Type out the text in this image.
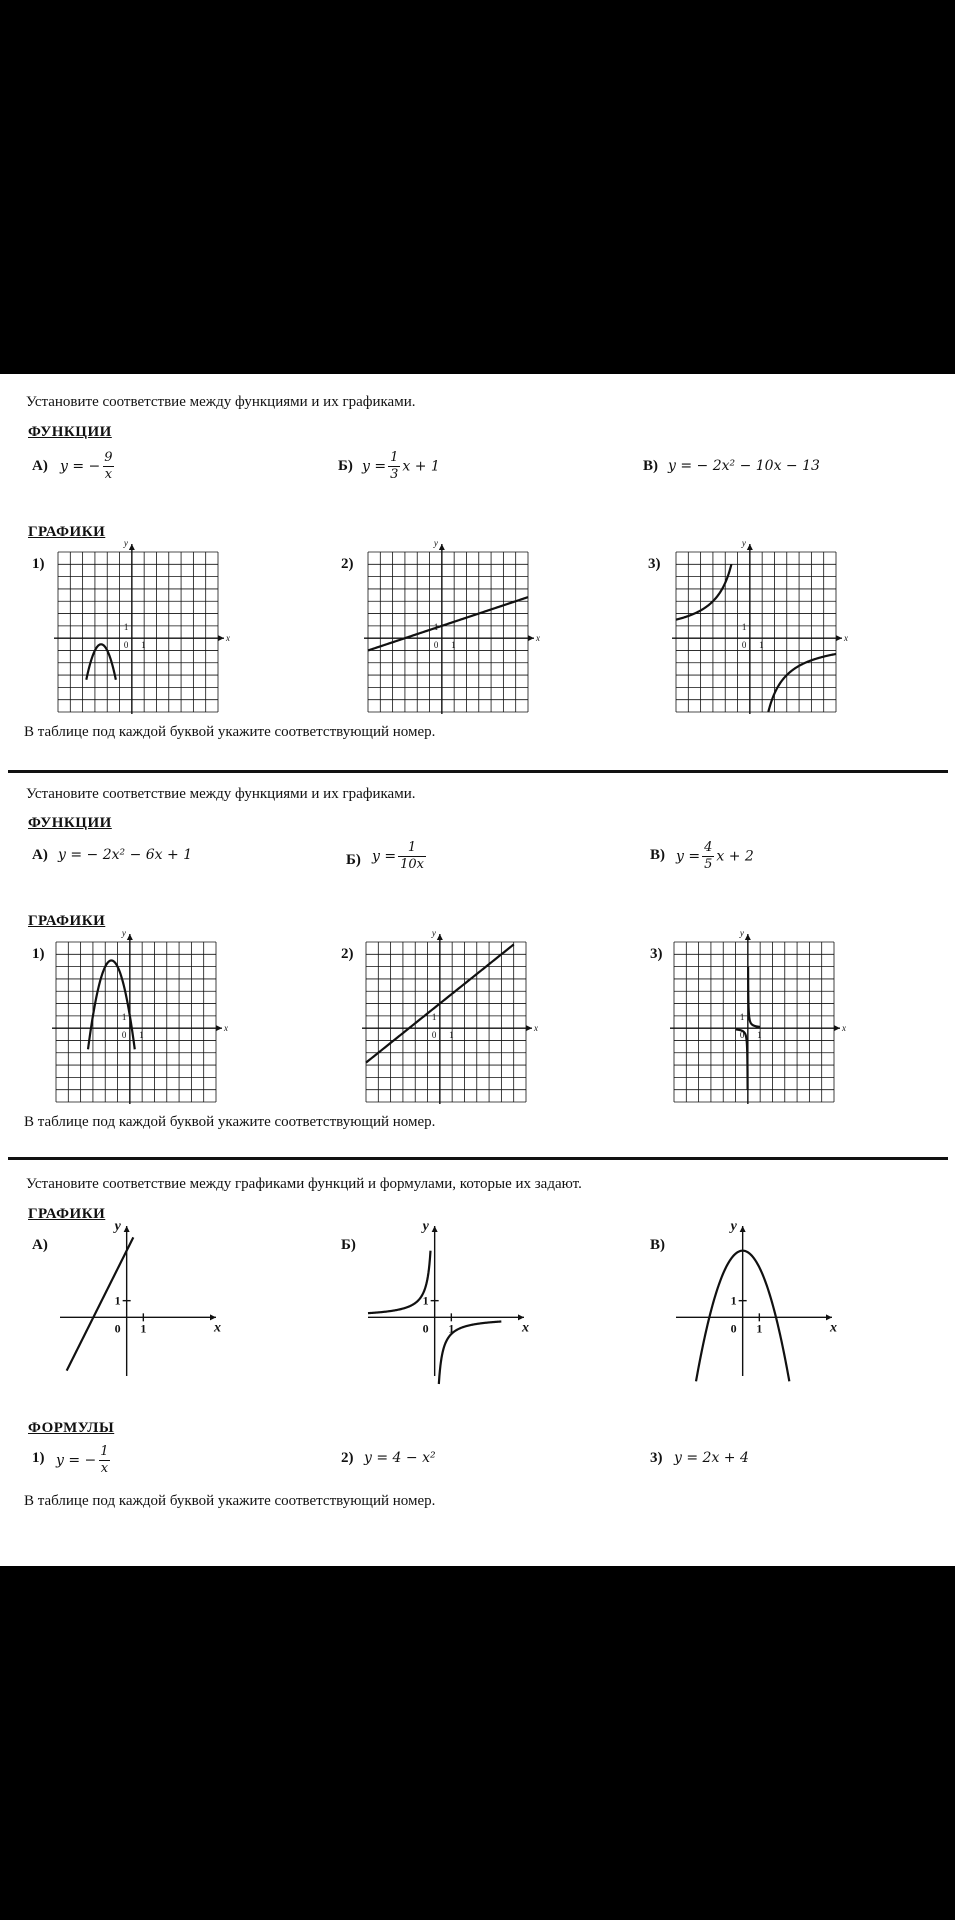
Установите соответствие между функциями и их графиками.
ФУНКЦИИ
А) y = − $\frac{9}{x}$	Б) $y = \frac{1}{3}$ x + 1	В) y = − 2x² − 10x − 13
ГРАФИКИ
1)	2)	3)
x
y
1
0 1
x
y
1
0 1
x
y
1
0 1
В таблице под каждой буквой укажите соответствующий номер.
Установите соответствие между функциями и их графиками.
ФУНКЦИИ
А) y = − 2x² − 6x + 1	Б) $y = \frac{1}{10x}$	В) $y = \frac{4}{5}$ x + 2
ГРАФИКИ
1)	2)	3)
x
y
1
0 1
x
y
1
0 1
x
y
1
0 1
В таблице под каждой буквой укажите соответствующий номер.
Установите соответствие между графиками функций и формулами, которые их задают.
ГРАФИКИ
А)	Б)	В)
x
y
1
0 1	x
y
1
0 1	x
y
1
0 1
ФОРМУЛЫ
1) y = − $\frac{1}{x}$	2) y = 4 − x²	3) y = 2x + 4
В таблице под каждой буквой укажите соответствующий номер.
